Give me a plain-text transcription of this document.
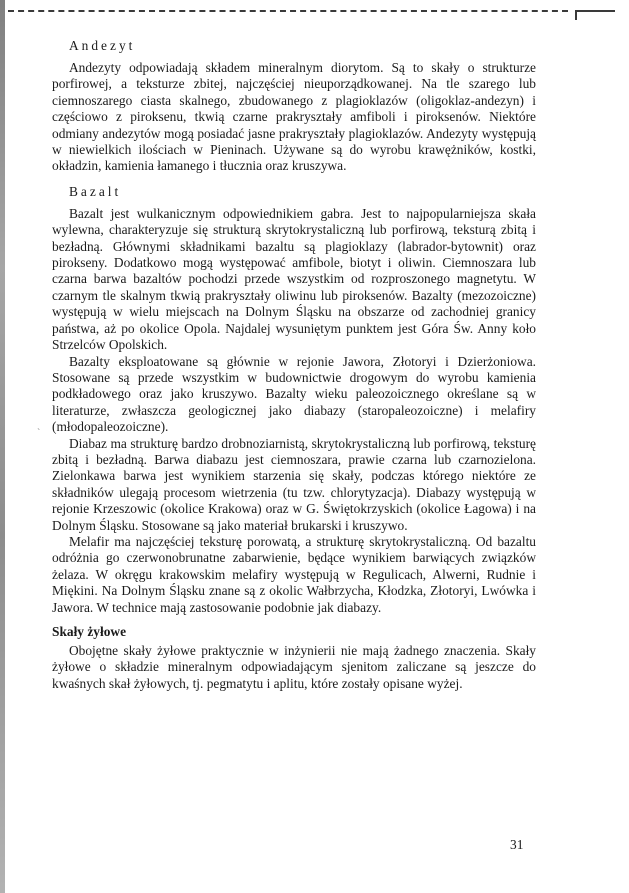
Andezyt

Andezyty odpowiadają składem mineralnym diorytom. Są to skały o strukturze porfirowej, a teksturze zbitej, najczęściej nieuporządkowanej. Na tle szarego lub ciemnoszarego ciasta skalnego, zbudowanego z plagioklazów (oligoklaz-andezyn) i częściowo z piroksenu, tkwią czarne prakryształy amfiboli i piroksenów. Niektóre odmiany andezytów mogą posiadać jasne prakryształy plagioklazów. Andezyty występują w niewielkich ilościach w Pieninach. Używane są do wyrobu krawężników, kostki, okładzin, kamienia łamanego i tłucznia oraz kruszywa.

Bazalt

Bazalt jest wulkanicznym odpowiednikiem gabra. Jest to najpopularniejsza skała wylewna, charakteryzuje się strukturą skrytokrystaliczną lub porfirową, teksturą zbitą i bezładną. Głównymi składnikami bazaltu są plagioklazy (labrador-bytownit) oraz pirokseny. Dodatkowo mogą występować amfibole, biotyt i oliwin. Ciemnoszara lub czarna barwa bazaltów pochodzi przede wszystkim od rozproszonego magnetytu. W czarnym tle skalnym tkwią prakryształy oliwinu lub piroksenów. Bazalty (mezozoiczne) występują w wielu miejscach na Dolnym Śląsku na obszarze od zachodniej granicy państwa, aż po okolice Opola. Najdalej wysuniętym punktem jest Góra Św. Anny koło Strzelców Opolskich.

Bazalty eksploatowane są głównie w rejonie Jawora, Złotoryi i Dzierżoniowa. Stosowane są przede wszystkim w budownictwie drogowym do wyrobu kamienia podkładowego oraz jako kruszywo. Bazalty wieku paleozoicznego określane są w literaturze, zwłaszcza geologicznej jako diabazy (staropaleozoiczne) i melafiry (młodopaleozoiczne).

Diabaz ma strukturę bardzo drobnoziarnistą, skrytokrystaliczną lub porfirową, teksturę zbitą i bezładną. Barwa diabazu jest ciemnoszara, prawie czarna lub czarnozielona. Zielonkawa barwa jest wynikiem starzenia się skały, podczas którego niektóre ze składników ulegają procesom wietrzenia (tu tzw. chlorytyzacja). Diabazy występują w rejonie Krzeszowic (okolice Krakowa) oraz w G. Świętokrzyskich (okolice Łagowa) i na Dolnym Śląsku. Stosowane są jako materiał brukarski i kruszywo.

Melafir ma najczęściej teksturę porowatą, a strukturę skrytokrystaliczną. Od bazaltu odróżnia go czerwonobrunatne zabarwienie, będące wynikiem barwiących związków żelaza. W okręgu krakowskim melafiry występują w Regulicach, Alwerni, Rudnie i Miękini. Na Dolnym Śląsku znane są z okolic Wałbrzycha, Kłodzka, Złotoryi, Lwówka i Jawora. W technice mają zastosowanie podobnie jak diabazy.

Skały żyłowe

Obojętne skały żyłowe praktycznie w inżynierii nie mają żadnego znaczenia. Skały żyłowe o składzie mineralnym odpowiadającym sjenitom zaliczane są jeszcze do kwaśnych skał żyłowych, tj. pegmatytu i aplitu, które zostały opisane wyżej.

`
31
